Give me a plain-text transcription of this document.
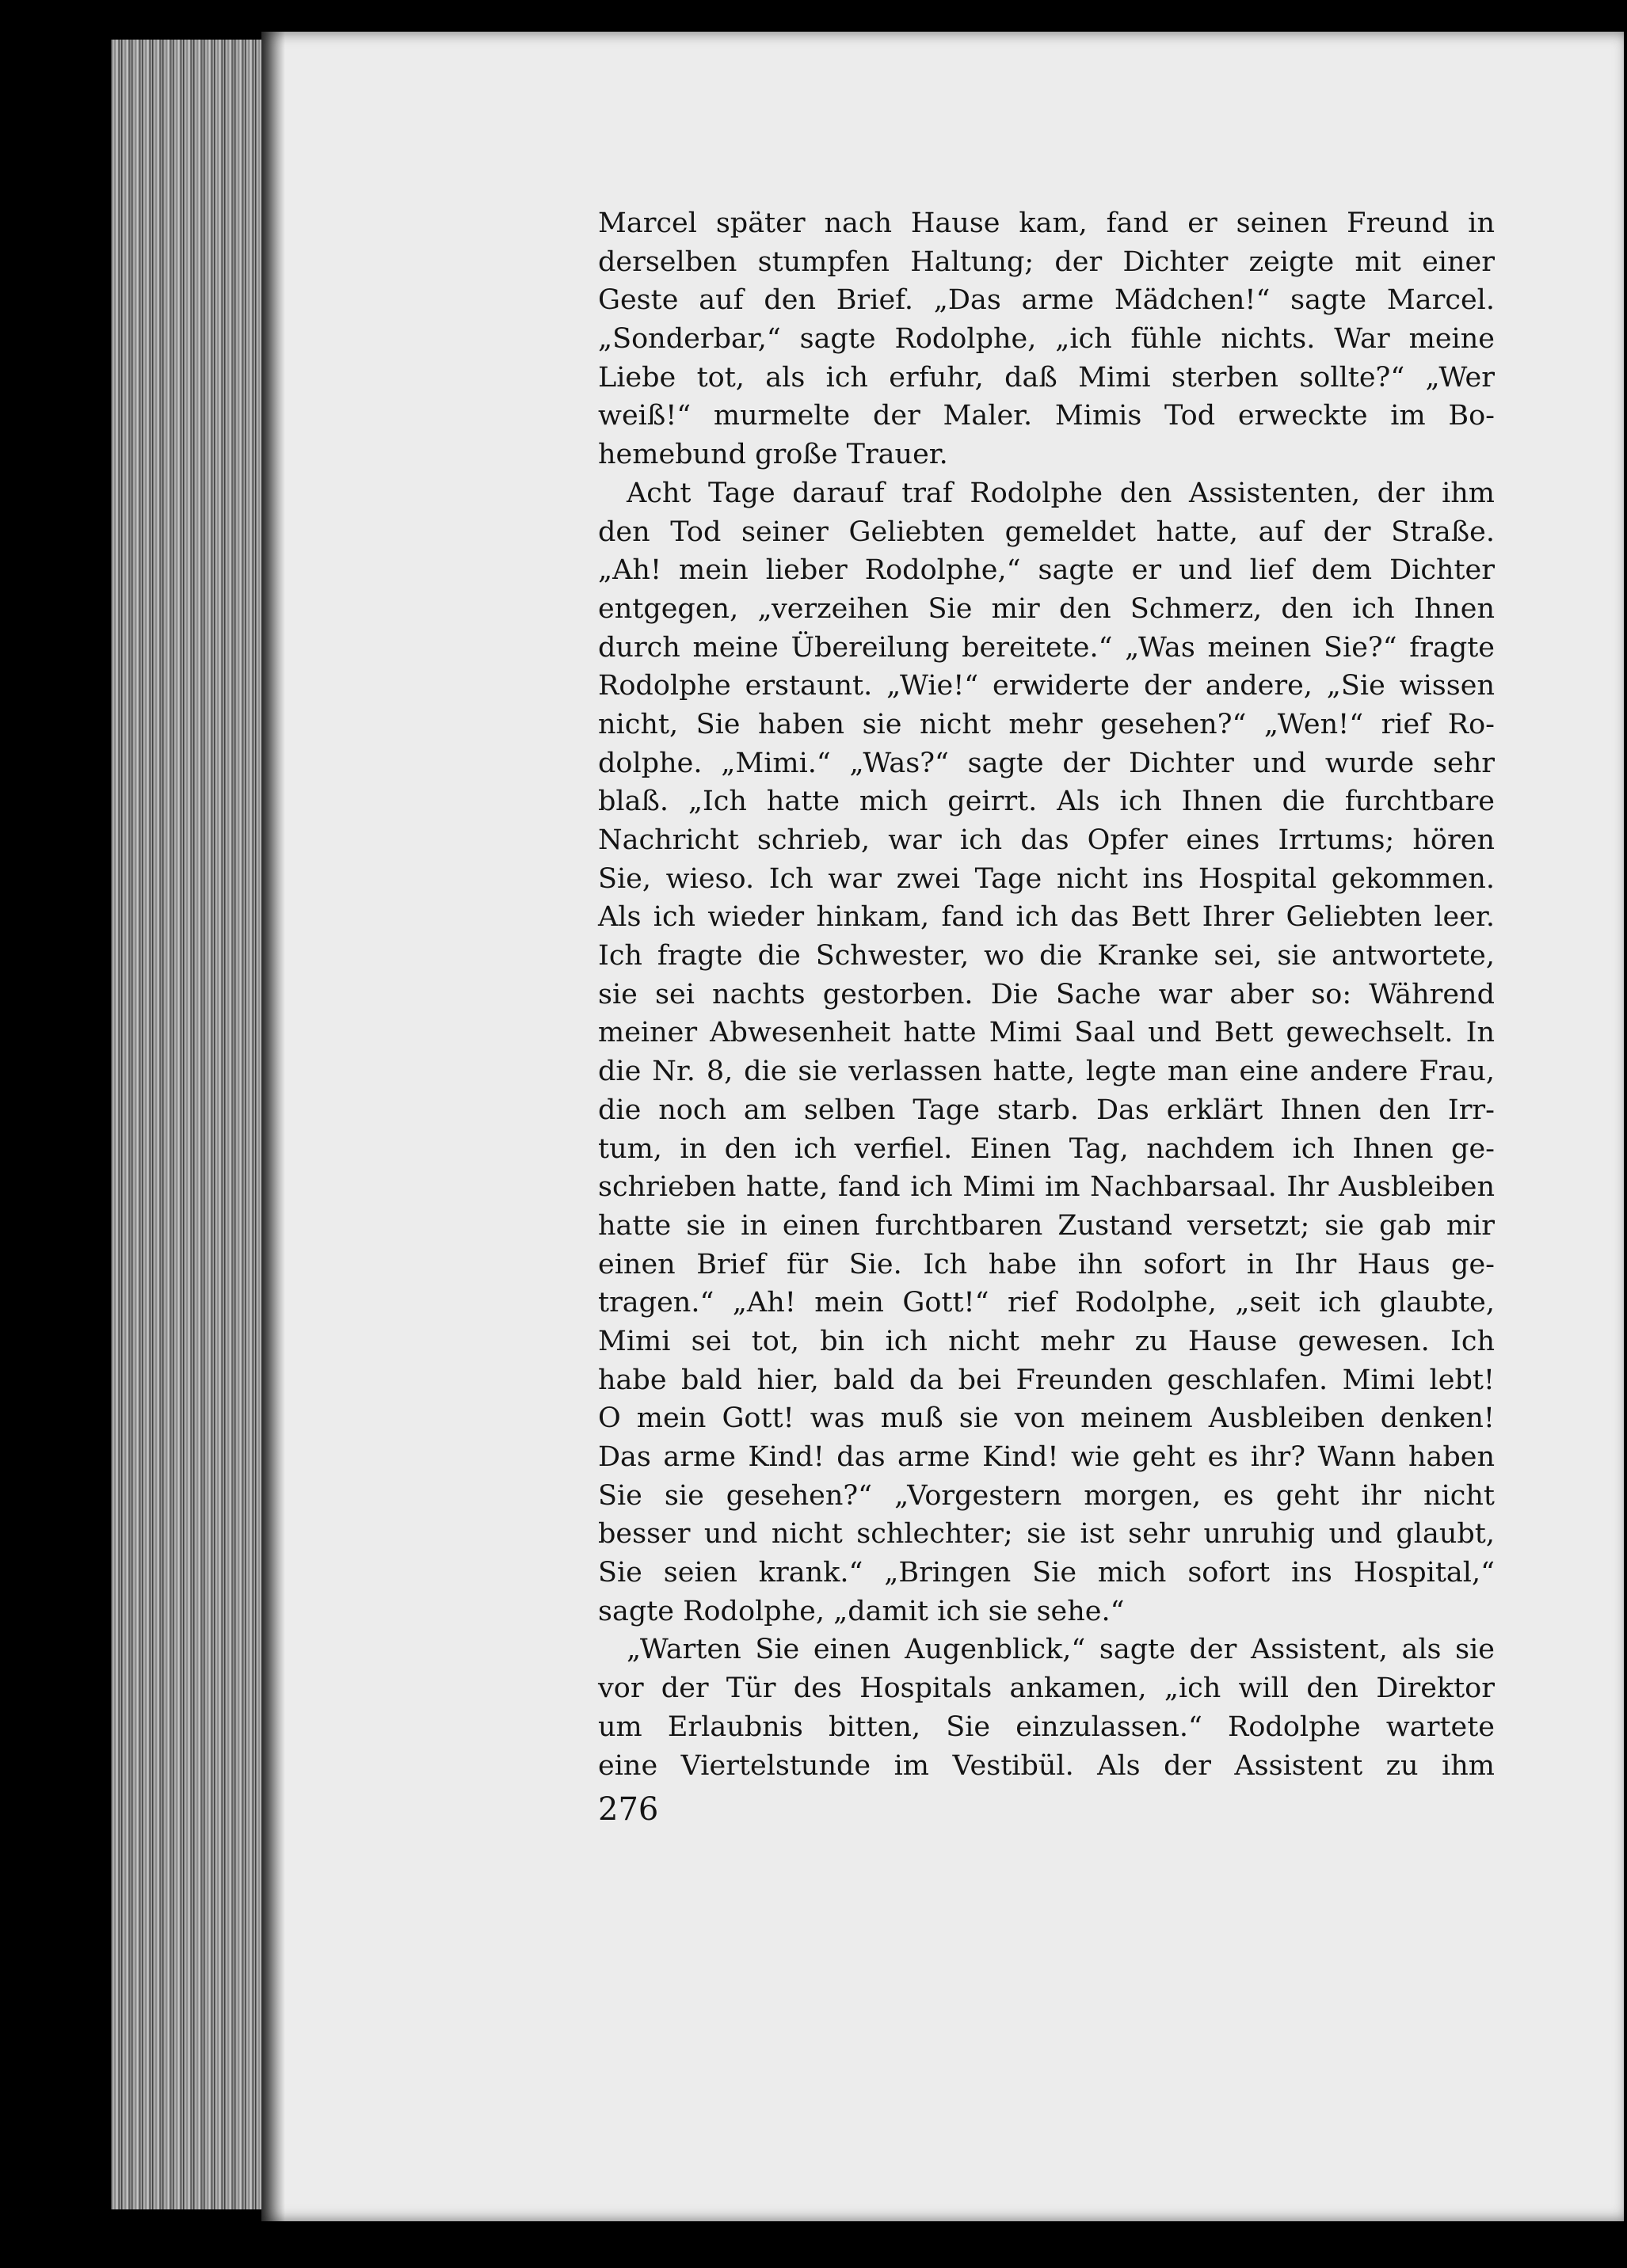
Marcel später nach Hause kam, fand er seinen Freund in
derselben stumpfen Haltung; der Dichter zeigte mit einer
Geste auf den Brief. „Das arme Mädchen!“ sagte Marcel.
„Sonderbar,“ sagte Rodolphe, „ich fühle nichts. War meine
Liebe tot, als ich erfuhr, daß Mimi sterben sollte?“ „Wer
weiß!“ murmelte der Maler. Mimis Tod erweckte im Bo-
hemebund große Trauer.
Acht Tage darauf traf Rodolphe den Assistenten, der ihm
den Tod seiner Geliebten gemeldet hatte, auf der Straße.
„Ah! mein lieber Rodolphe,“ sagte er und lief dem Dichter
entgegen, „verzeihen Sie mir den Schmerz, den ich Ihnen
durch meine Übereilung bereitete.“ „Was meinen Sie?“ fragte
Rodolphe erstaunt. „Wie!“ erwiderte der andere, „Sie wissen
nicht, Sie haben sie nicht mehr gesehen?“ „Wen!“ rief Ro-
dolphe. „Mimi.“ „Was?“ sagte der Dichter und wurde sehr
blaß. „Ich hatte mich geirrt. Als ich Ihnen die furchtbare
Nachricht schrieb, war ich das Opfer eines Irrtums; hören
Sie, wieso. Ich war zwei Tage nicht ins Hospital gekommen.
Als ich wieder hinkam, fand ich das Bett Ihrer Geliebten leer.
Ich fragte die Schwester, wo die Kranke sei, sie antwortete,
sie sei nachts gestorben. Die Sache war aber so: Während
meiner Abwesenheit hatte Mimi Saal und Bett gewechselt. In
die Nr. 8, die sie verlassen hatte, legte man eine andere Frau,
die noch am selben Tage starb. Das erklärt Ihnen den Irr-
tum, in den ich verfiel. Einen Tag, nachdem ich Ihnen ge-
schrieben hatte, fand ich Mimi im Nachbarsaal. Ihr Ausbleiben
hatte sie in einen furchtbaren Zustand versetzt; sie gab mir
einen Brief für Sie. Ich habe ihn sofort in Ihr Haus ge-
tragen.“ „Ah! mein Gott!“ rief Rodolphe, „seit ich glaubte,
Mimi sei tot, bin ich nicht mehr zu Hause gewesen. Ich
habe bald hier, bald da bei Freunden geschlafen. Mimi lebt!
O mein Gott! was muß sie von meinem Ausbleiben denken!
Das arme Kind! das arme Kind! wie geht es ihr? Wann haben
Sie sie gesehen?“ „Vorgestern morgen, es geht ihr nicht
besser und nicht schlechter; sie ist sehr unruhig und glaubt,
Sie seien krank.“ „Bringen Sie mich sofort ins Hospital,“
sagte Rodolphe, „damit ich sie sehe.“
„Warten Sie einen Augenblick,“ sagte der Assistent, als sie
vor der Tür des Hospitals ankamen, „ich will den Direktor
um Erlaubnis bitten, Sie einzulassen.“ Rodolphe wartete
eine Viertelstunde im Vestibül. Als der Assistent zu ihm
276
